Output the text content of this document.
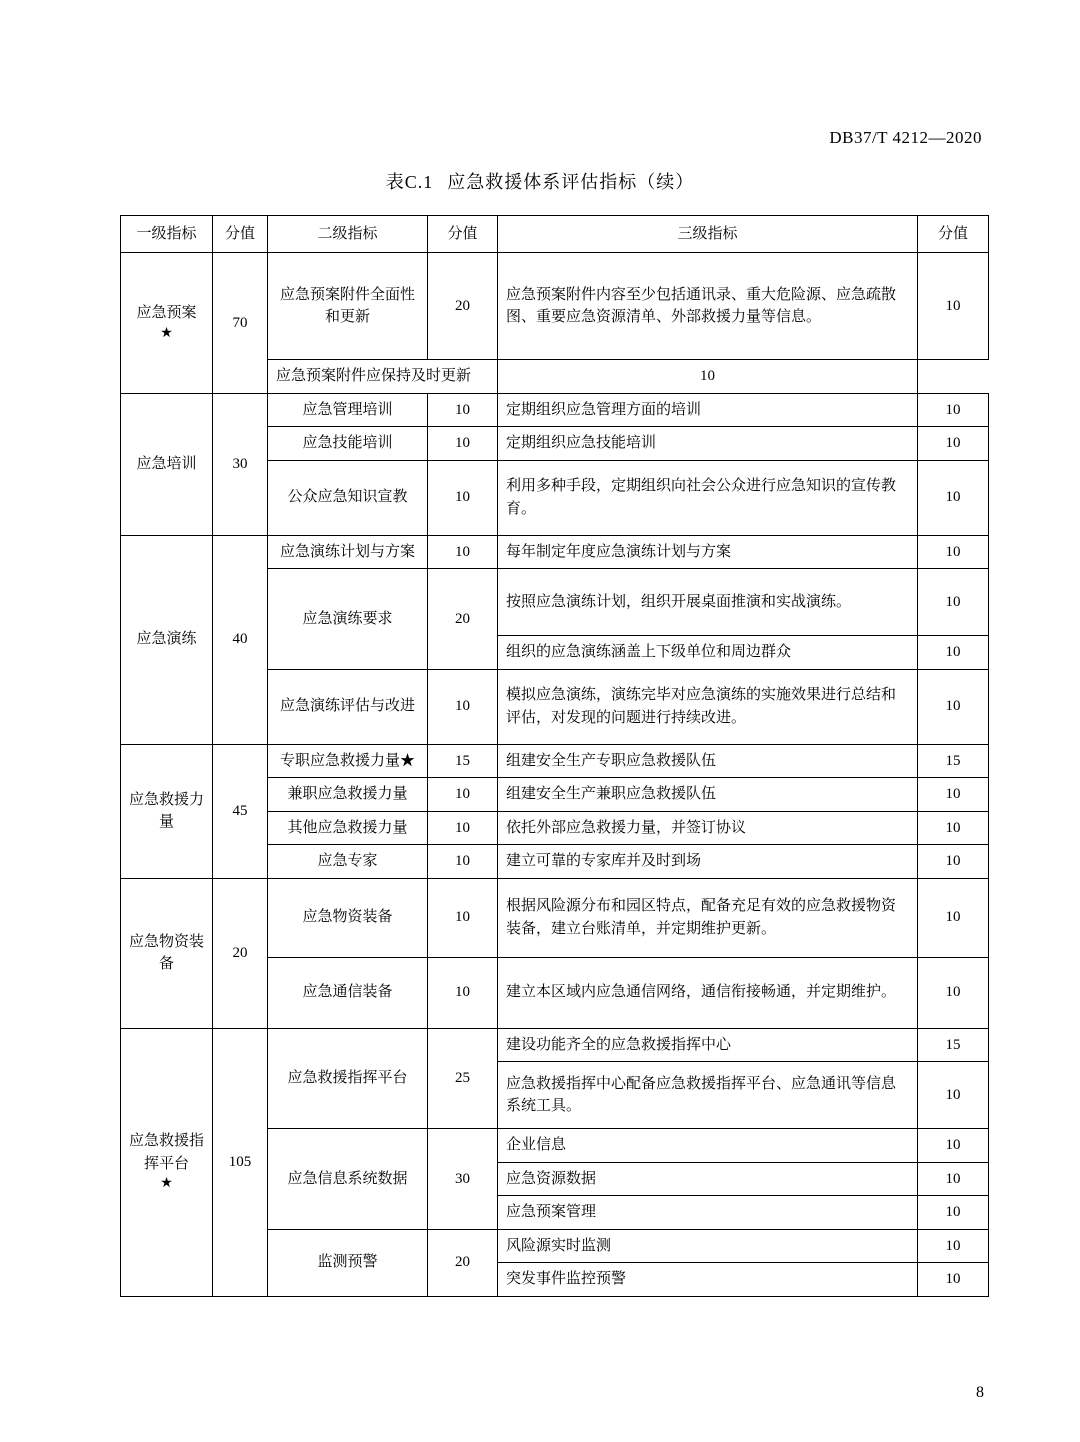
DB37/T 4212—2020
表C.1 应急救援体系评估指标（续）
一级指标	分值	二级指标	分值	三级指标	分值
应急预案
★	70	应急预案附件全面性和更新	20	应急预案附件内容至少包括通讯录、重大危险源、应急疏散图、重要应急资源清单、外部救援力量等信息。	10
		应急预案附件应保持及时更新		10	
应急培训	30	应急管理培训	10	定期组织应急管理方面的培训	10
		应急技能培训	10	定期组织应急技能培训	10
		公众应急知识宣教	10	利用多种手段，定期组织向社会公众进行应急知识的宣传教育。	10
应急演练	40	应急演练计划与方案	10	每年制定年度应急演练计划与方案	10
		应急演练要求	20	按照应急演练计划，组织开展桌面推演和实战演练。	10
				组织的应急演练涵盖上下级单位和周边群众	10
		应急演练评估与改进	10	模拟应急演练，演练完毕对应急演练的实施效果进行总结和评估，对发现的问题进行持续改进。	10
应急救援力量	45	专职应急救援力量★	15	组建安全生产专职应急救援队伍	15
		兼职应急救援力量	10	组建安全生产兼职应急救援队伍	10
		其他应急救援力量	10	依托外部应急救援力量，并签订协议	10
		应急专家	10	建立可靠的专家库并及时到场	10
应急物资装备	20	应急物资装备	10	根据风险源分布和园区特点，配备充足有效的应急救援物资装备，建立台账清单，并定期维护更新。	10
		应急通信装备	10	建立本区域内应急通信网络，通信衔接畅通，并定期维护。	10
应急救援指挥平台
★	105	应急救援指挥平台	25	建设功能齐全的应急救援指挥中心	15
				应急救援指挥中心配备应急救援指挥平台、应急通讯等信息系统工具。	10
		应急信息系统数据	30	企业信息	10
				应急资源数据	10
				应急预案管理	10
		监测预警	20	风险源实时监测	10
				突发事件监控预警	10
8
